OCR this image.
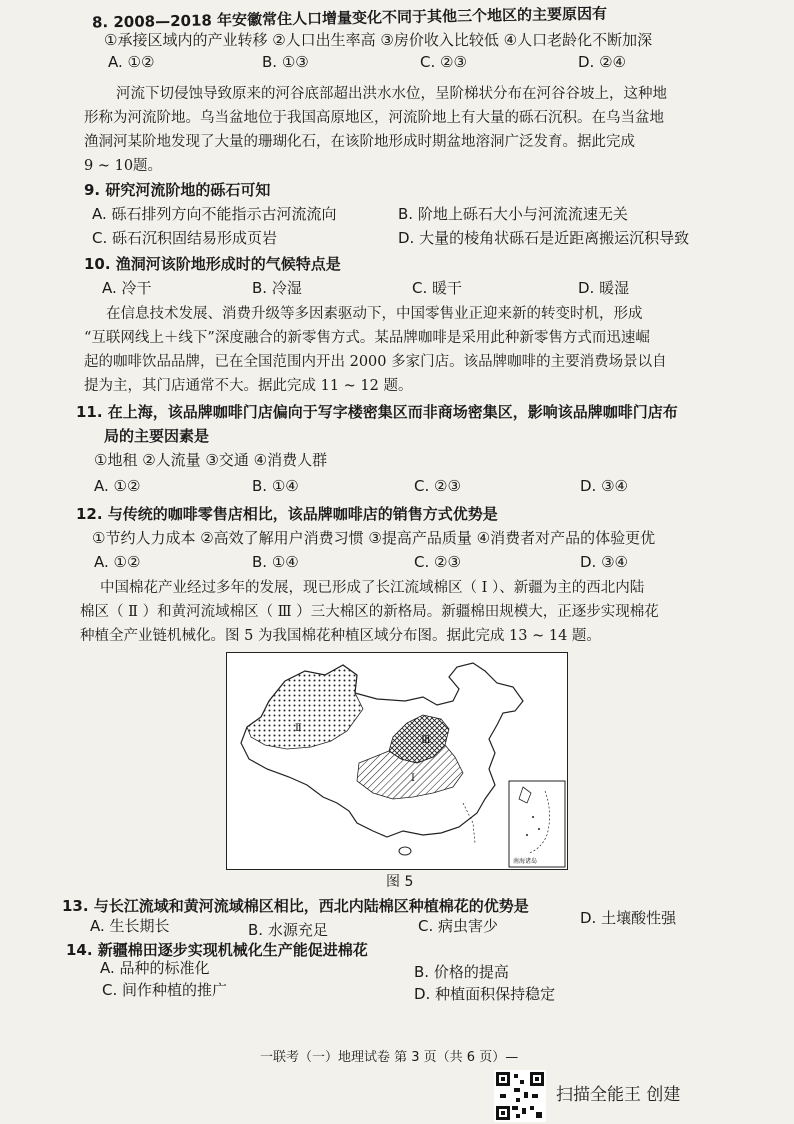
8. 2008—2018 年安徽常住人口增量变化不同于其他三个地区的主要原因有
①承接区域内的产业转移 ②人口出生率高 ③房价收入比较低 ④人口老龄化不断加深
A. ①②	B. ①③	C. ②③	D. ②④
河流下切侵蚀导致原来的河谷底部超出洪水水位，呈阶梯状分布在河谷谷坡上，这种地
形称为河流阶地。乌当盆地位于我国高原地区，河流阶地上有大量的砾石沉积。在乌当盆地
渔洞河某阶地发现了大量的珊瑚化石，在该阶地形成时期盆地溶洞广泛发育。据此完成
9 ~ 10题。
9. 研究河流阶地的砾石可知
A. 砾石排列方向不能指示古河流流向	B. 阶地上砾石大小与河流流速无关
C. 砾石沉积固结易形成页岩	D. 大量的棱角状砾石是近距离搬运沉积导致
10. 渔洞河该阶地形成时的气候特点是
A. 冷干	B. 冷湿	C. 暖干	D. 暖湿
在信息技术发展、消费升级等多因素驱动下，中国零售业正迎来新的转变时机，形成
“互联网线上＋线下”深度融合的新零售方式。某品牌咖啡是采用此种新零售方式而迅速崛
起的咖啡饮品品牌，已在全国范围内开出 2000 多家门店。该品牌咖啡的主要消费场景以自
提为主，其门店通常不大。据此完成 11 ~ 12 题。
11. 在上海，该品牌咖啡门店偏向于写字楼密集区而非商场密集区，影响该品牌咖啡门店布
局的主要因素是
①地租 ②人流量 ③交通 ④消费人群
A. ①②	B. ①④	C. ②③	D. ③④
12. 与传统的咖啡零售店相比，该品牌咖啡店的销售方式优势是
①节约人力成本 ②高效了解用户消费习惯 ③提高产品质量 ④消费者对产品的体验更优
A. ①②	B. ①④	C. ②③	D. ③④
中国棉花产业经过多年的发展，现已形成了长江流域棉区（ Ⅰ ）、新疆为主的西北内陆
棉区（ Ⅱ ）和黄河流域棉区（ Ⅲ ）三大棉区的新格局。新疆棉田规模大，正逐步实现棉花
种植全产业链机械化。图 5 为我国棉花种植区域分布图。据此完成 13 ~ 14 题。
Ⅱ
Ⅲ
Ⅰ
南海诸岛
图 5
13. 与长江流域和黄河流域棉区相比，西北内陆棉区种植棉花的优势是
A. 生长期长	B. 水源充足	C. 病虫害少	D. 土壤酸性强
14. 新疆棉田逐步实现机械化生产能促进棉花
A. 品种的标准化	B. 价格的提高
C. 间作种植的推广	D. 种植面积保持稳定
一联考（一）地理试卷 第 3 页（共 6 页）—
扫描全能王 创建
